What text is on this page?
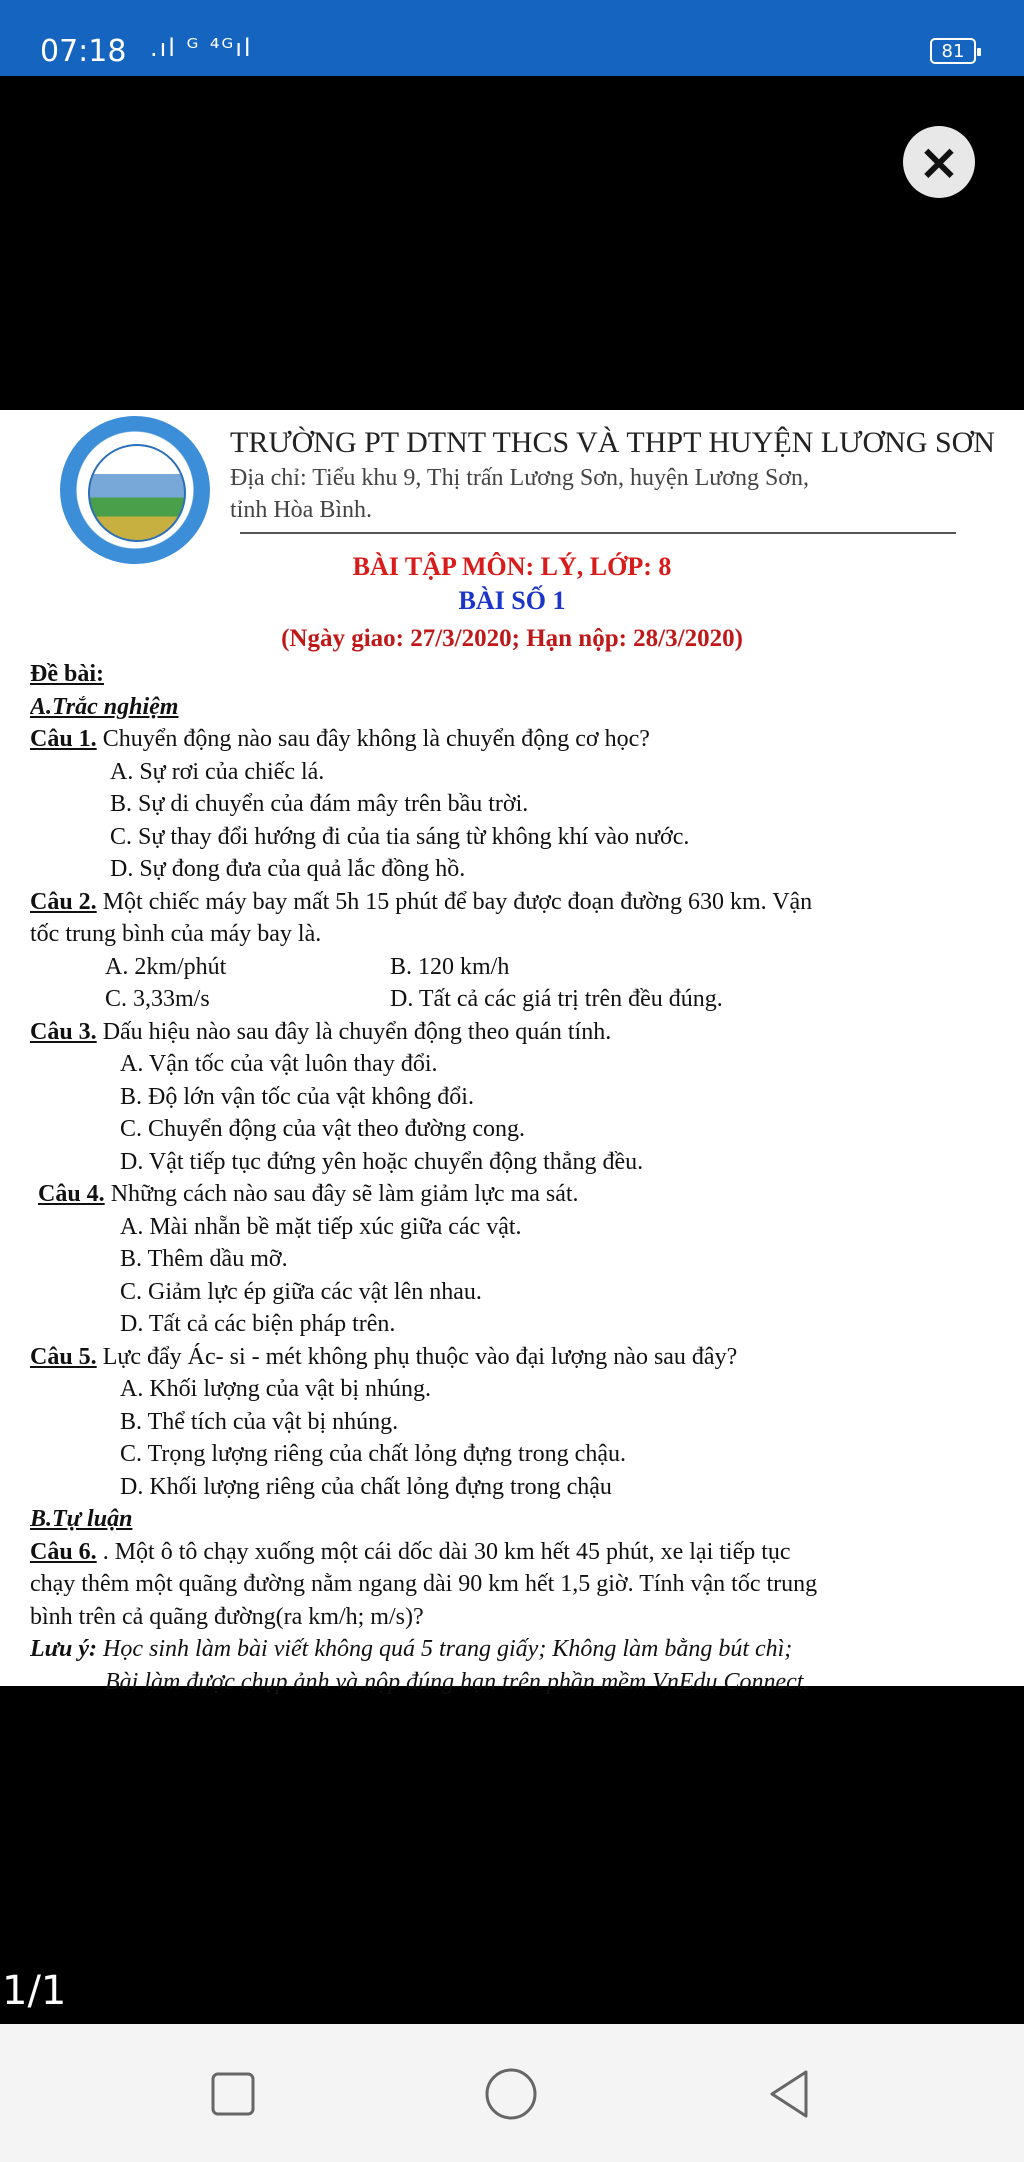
07:18 .ıl ᴳ ⁴ᴳıl	81
×
TRƯỜNG PT DTNT THCS VÀ THPT HUYỆN LƯƠNG SƠN
Địa chỉ: Tiểu khu 9, Thị trấn Lương Sơn, huyện Lương Sơn,
tỉnh Hòa Bình.
BÀI TẬP MÔN: LÝ, LỚP: 8
BÀI SỐ 1
(Ngày giao: 27/3/2020; Hạn nộp: 28/3/2020)
Đề bài:
A.Trắc nghiệm
Câu 1. Chuyển động nào sau đây không là chuyển động cơ học?
A. Sự rơi của chiếc lá.
B. Sự di chuyển của đám mây trên bầu trời.
C. Sự thay đổi hướng đi của tia sáng từ không khí vào nước.
D. Sự đong đưa của quả lắc đồng hồ.
Câu 2. Một chiếc máy bay mất 5h 15 phút để bay được đoạn đường 630 km. Vận
tốc trung bình của máy bay là.
A. 2km/phút	B. 120 km/h
C. 3,33m/s	D. Tất cả các giá trị trên đều đúng.
Câu 3. Dấu hiệu nào sau đây là chuyển động theo quán tính.
A. Vận tốc của vật luôn thay đổi.
B. Độ lớn vận tốc của vật không đổi.
C. Chuyển động của vật theo đường cong.
D. Vật tiếp tục đứng yên hoặc chuyển động thẳng đều.
Câu 4. Những cách nào sau đây sẽ làm giảm lực ma sát.
A. Mài nhẵn bề mặt tiếp xúc giữa các vật.
B. Thêm dầu mỡ.
C. Giảm lực ép giữa các vật lên nhau.
D. Tất cả các biện pháp trên.
Câu 5. Lực đẩy Ác- si - mét không phụ thuộc vào đại lượng nào sau đây?
A. Khối lượng của vật bị nhúng.
B. Thể tích của vật bị nhúng.
C. Trọng lượng riêng của chất lỏng đựng trong chậu.
D. Khối lượng riêng của chất lỏng đựng trong chậu
B.Tự luận
Câu 6. . Một ô tô chạy xuống một cái dốc dài 30 km hết 45 phút, xe lại tiếp tục
chạy thêm một quãng đường nằm ngang dài 90 km hết 1,5 giờ. Tính vận tốc trung
bình trên cả quãng đường(ra km/h; m/s)?
Lưu ý: Học sinh làm bài viết không quá 5 trang giấy; Không làm bằng bút chì;
Bài làm được chụp ảnh và nộp đúng hạn trên phần mềm VnEdu Connect.
1/1
